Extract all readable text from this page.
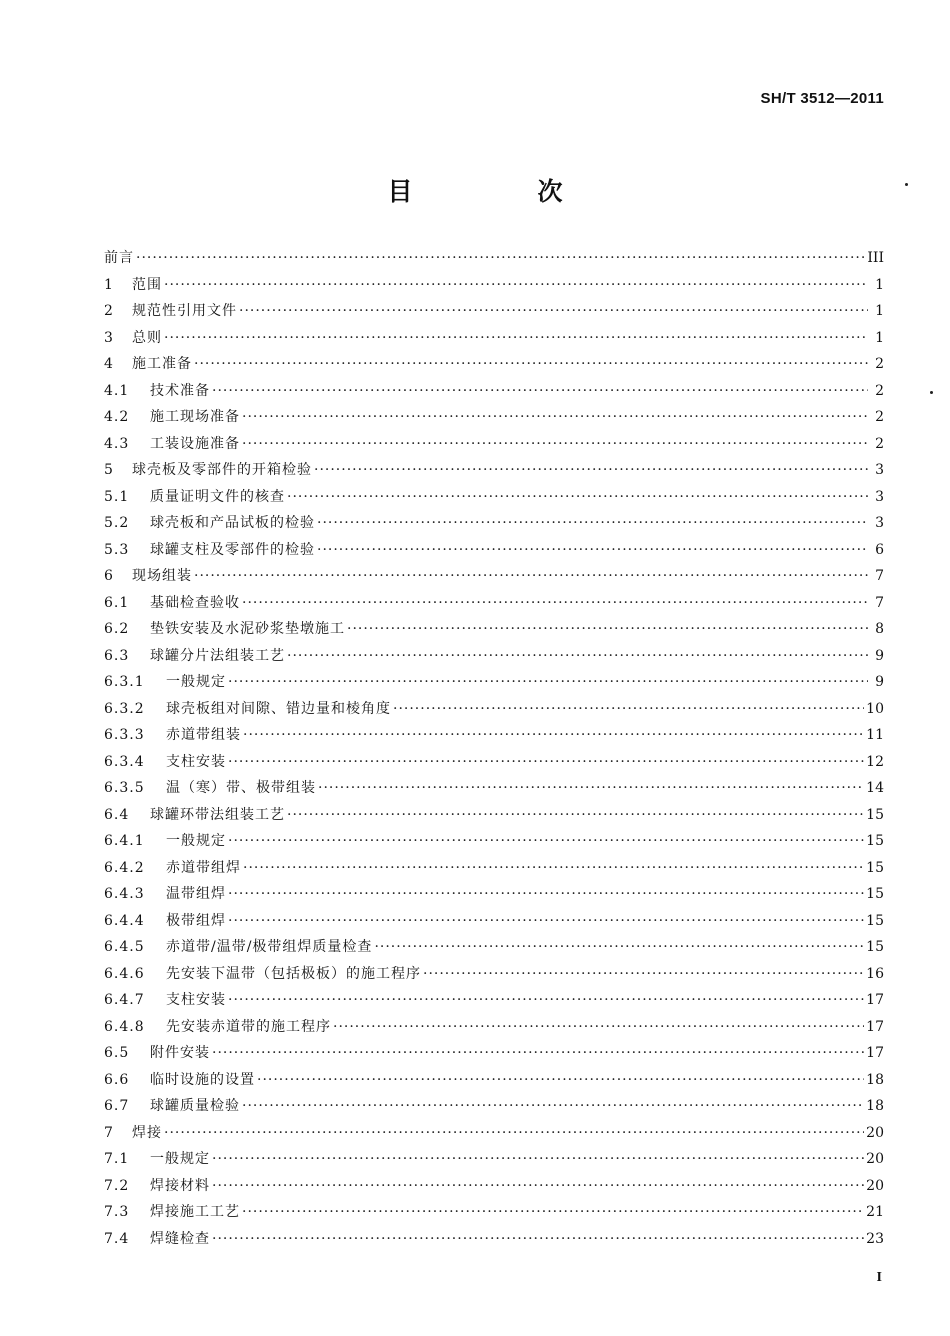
SH/T 3512—2011
目　次
前言 ·····	III
1	范围 ·····	1
2	规范性引用文件 ·····	1
3	总则 ·····	1
4	施工准备 ·····	2
4.1	技术准备 ·····	2
4.2	施工现场准备 ·····	2
4.3	工装设施准备 ·····	2
5	球壳板及零部件的开箱检验 ·····	3
5.1	质量证明文件的核查 ·····	3
5.2	球壳板和产品试板的检验 ·····	3
5.3	球罐支柱及零部件的检验 ·····	6
6	现场组装 ·····	7
6.1	基础检查验收 ·····	7
6.2	垫铁安装及水泥砂浆垫墩施工 ·····	8
6.3	球罐分片法组装工艺 ·····	9
6.3.1	一般规定 ·····	9
6.3.2	球壳板组对间隙、错边量和棱角度 ·····	10
6.3.3	赤道带组装 ·····	11
6.3.4	支柱安装 ·····	12
6.3.5	温（寒）带、极带组装 ·····	14
6.4	球罐环带法组装工艺 ·····	15
6.4.1	一般规定 ·····	15
6.4.2	赤道带组焊 ·····	15
6.4.3	温带组焊 ·····	15
6.4.4	极带组焊 ·····	15
6.4.5	赤道带/温带/极带组焊质量检查 ·····	15
6.4.6	先安装下温带（包括极板）的施工程序 ·····	16
6.4.7	支柱安装 ·····	17
6.4.8	先安装赤道带的施工程序 ·····	17
6.5	附件安装 ·····	17
6.6	临时设施的设置 ·····	18
6.7	球罐质量检验 ·····	18
7	焊接 ·····	20
7.1	一般规定 ·····	20
7.2	焊接材料 ·····	20
7.3	焊接施工工艺 ·····	21
7.4	焊缝检查 ·····	23
I
